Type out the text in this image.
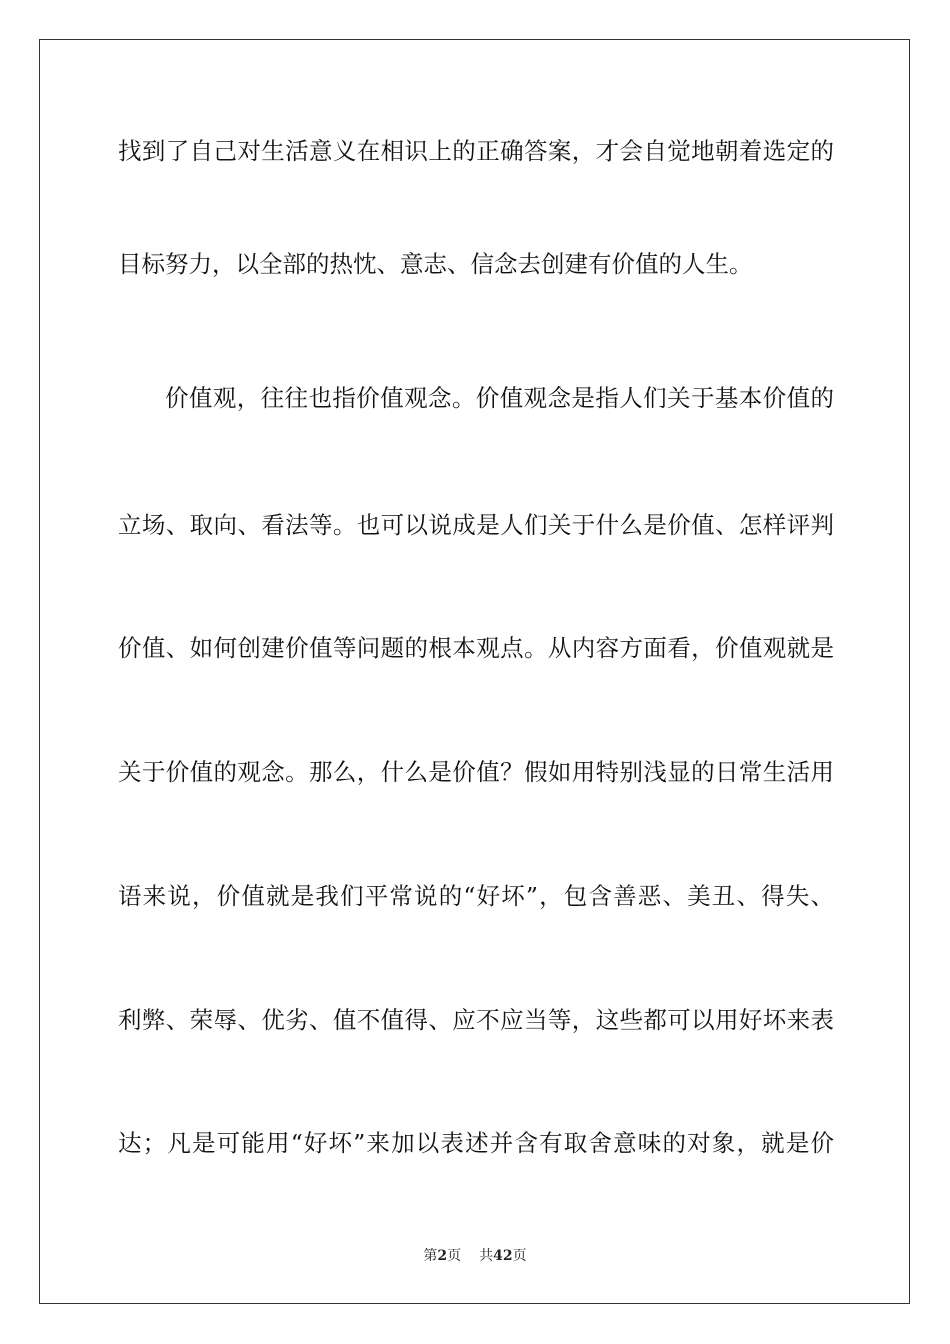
找到了自己对生活意义在相识上的正确答案，才会自觉地朝着选定的
目标努力，以全部的热忱、意志、信念去创建有价值的人生。
价值观，往往也指价值观念。价值观念是指人们关于基本价值的
立场、取向、看法等。也可以说成是人们关于什么是价值、怎样评判
价值、如何创建价值等问题的根本观点。从内容方面看，价值观就是
关于价值的观念。那么，什么是价值？假如用特别浅显的日常生活用
语来说，价值就是我们平常说的“好坏”，包含善恶、美丑、得失、
利弊、荣辱、优劣、值不值得、应不应当等，这些都可以用好坏来表
达；凡是可能用“好坏”来加以表述并含有取舍意味的对象，就是价
第2页 共42页
